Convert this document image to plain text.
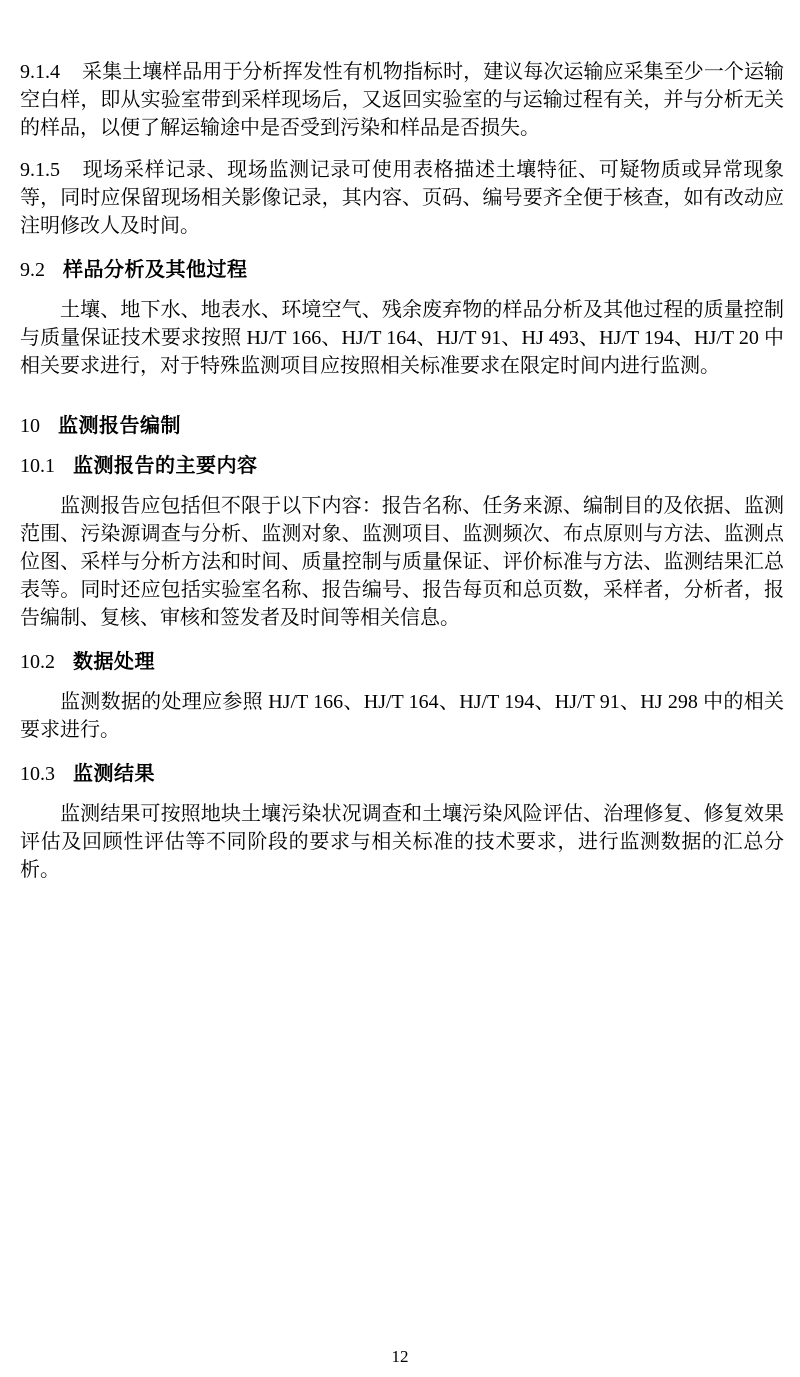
9.1.4 采集土壤样品用于分析挥发性有机物指标时，建议每次运输应采集至少一个运输空白样，即从实验室带到采样现场后，又返回实验室的与运输过程有关，并与分析无关的样品，以便了解运输途中是否受到污染和样品是否损失。

9.1.5 现场采样记录、现场监测记录可使用表格描述土壤特征、可疑物质或异常现象等，同时应保留现场相关影像记录，其内容、页码、编号要齐全便于核查，如有改动应注明修改人及时间。

9.2 样品分析及其他过程

土壤、地下水、地表水、环境空气、残余废弃物的样品分析及其他过程的质量控制与质量保证技术要求按照 HJ/T 166、HJ/T 164、HJ/T 91、HJ 493、HJ/T 194、HJ/T 20 中相关要求进行，对于特殊监测项目应按照相关标准要求在限定时间内进行监测。

10 监测报告编制
10.1 监测报告的主要内容

监测报告应包括但不限于以下内容：报告名称、任务来源、编制目的及依据、监测范围、污染源调查与分析、监测对象、监测项目、监测频次、布点原则与方法、监测点位图、采样与分析方法和时间、质量控制与质量保证、评价标准与方法、监测结果汇总表等。同时还应包括实验室名称、报告编号、报告每页和总页数，采样者，分析者，报告编制、复核、审核和签发者及时间等相关信息。

10.2 数据处理

监测数据的处理应参照 HJ/T 166、HJ/T 164、HJ/T 194、HJ/T 91、HJ 298 中的相关要求进行。

10.3 监测结果

监测结果可按照地块土壤污染状况调查和土壤污染风险评估、治理修复、修复效果评估及回顾性评估等不同阶段的要求与相关标准的技术要求，进行监测数据的汇总分析。

12
